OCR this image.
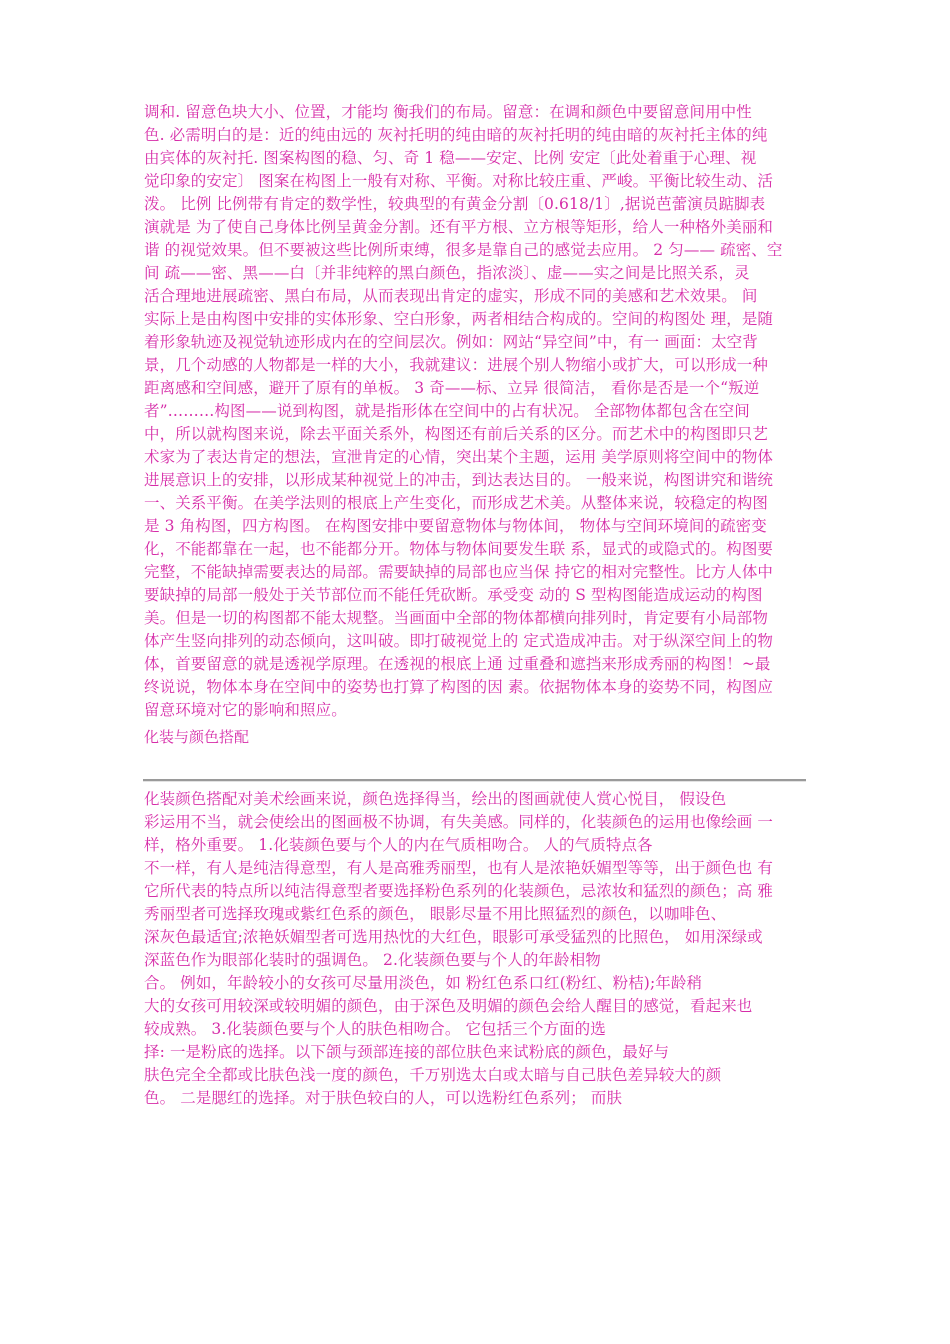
调和. 留意色块大小、位置，才能均 衡我们的布局。留意：在调和颜色中要留意间用中性
色. 必需明白的是：近的纯由远的 灰衬托明的纯由暗的灰衬托明的纯由暗的灰衬托主体的纯
由宾体的灰衬托. 图案构图的稳、匀、奇 1 稳——安定、比例 安定〔此处着重于心理、视
觉印象的安定〕 图案在构图上一般有对称、平衡。对称比较庄重、严峻。平衡比较生动、活
泼。 比例 比例带有肯定的数学性，较典型的有黄金分割〔0.618/1〕,据说芭蕾演员踮脚表
演就是 为了使自己身体比例呈黄金分割。还有平方根、立方根等矩形，给人一种格外美丽和
谐 的视觉效果。但不要被这些比例所束缚，很多是靠自己的感觉去应用。 2 匀—— 疏密、空
间 疏——密、黑——白〔并非纯粹的黑白颜色，指浓淡〕、虚——实之间是比照关系，灵
活合理地进展疏密、黑白布局，从而表现出肯定的虚实，形成不同的美感和艺术效果。 间
实际上是由构图中安排的实体形象、空白形象，两者相结合构成的。空间的构图处 理，是随
着形象轨迹及视觉轨迹形成内在的空间层次。例如：网站“异空间”中，有一 画面：太空背
景，几个动感的人物都是一样的大小，我就建议：进展个别人物缩小或扩大，可以形成一种
距离感和空间感，避开了原有的单板。 3 奇——标、立异 很简洁， 看你是否是一个“叛逆
者”………构图——说到构图，就是指形体在空间中的占有状况。 全部物体都包含在空间
中，所以就构图来说，除去平面关系外，构图还有前后关系的区分。而艺术中的构图即只艺
术家为了表达肯定的想法，宣泄肯定的心情，突出某个主题，运用 美学原则将空间中的物体
进展意识上的安排，以形成某种视觉上的冲击，到达表达目的。 一般来说，构图讲究和谐统
一、关系平衡。在美学法则的根底上产生变化，而形成艺术美。从整体来说，较稳定的构图
是 3 角构图，四方构图。 在构图安排中要留意物体与物体间， 物体与空间环境间的疏密变
化，不能都靠在一起，也不能都分开。物体与物体间要发生联 系，显式的或隐式的。构图要
完整，不能缺掉需要表达的局部。需要缺掉的局部也应当保 持它的相对完整性。比方人体中
要缺掉的局部一般处于关节部位而不能任凭砍断。承受变 动的 S 型构图能造成运动的构图
美。但是一切的构图都不能太规整。当画面中全部的物体都横向排列时，肯定要有小局部物
体产生竖向排列的动态倾向，这叫破。即打破视觉上的 定式造成冲击。对于纵深空间上的物
体，首要留意的就是透视学原理。在透视的根底上通 过重叠和遮挡来形成秀丽的构图！~最
终说说，物体本身在空间中的姿势也打算了构图的因 素。依据物体本身的姿势不同，构图应
留意环境对它的影响和照应。
化装与颜色搭配
化装颜色搭配对美术绘画来说，颜色选择得当，绘出的图画就使人赏心悦目， 假设色
彩运用不当，就会使绘出的图画极不协调，有失美感。同样的，化装颜色的运用也像绘画 一
样，格外重要。 1.化装颜色要与个人的内在气质相吻合。 人的气质特点各
不一样，有人是纯洁得意型，有人是高雅秀丽型，也有人是浓艳妖媚型等等，出于颜色也 有
它所代表的特点所以纯洁得意型者要选择粉色系列的化装颜色，忌浓妆和猛烈的颜色；高 雅
秀丽型者可选择玫瑰或紫红色系的颜色， 眼影尽量不用比照猛烈的颜色，以咖啡色、
深灰色最适宜;浓艳妖媚型者可选用热忱的大红色，眼影可承受猛烈的比照色， 如用深绿或
深蓝色作为眼部化装时的强调色。 2.化装颜色要与个人的年龄相物
合。 例如，年龄较小的女孩可尽量用淡色，如 粉红色系口红(粉红、粉桔);年龄稍
大的女孩可用较深或较明媚的颜色，由于深色及明媚的颜色会给人醒目的感觉，看起来也
较成熟。 3.化装颜色要与个人的肤色相吻合。 它包括三个方面的选
择: 一是粉底的选择。以下颌与颈部连接的部位肤色来试粉底的颜色，最好与
肤色完全全都或比肤色浅一度的颜色，千万别选太白或太暗与自己肤色差异较大的颜
色。 二是腮红的选择。对于肤色较白的人，可以选粉红色系列； 而肤
